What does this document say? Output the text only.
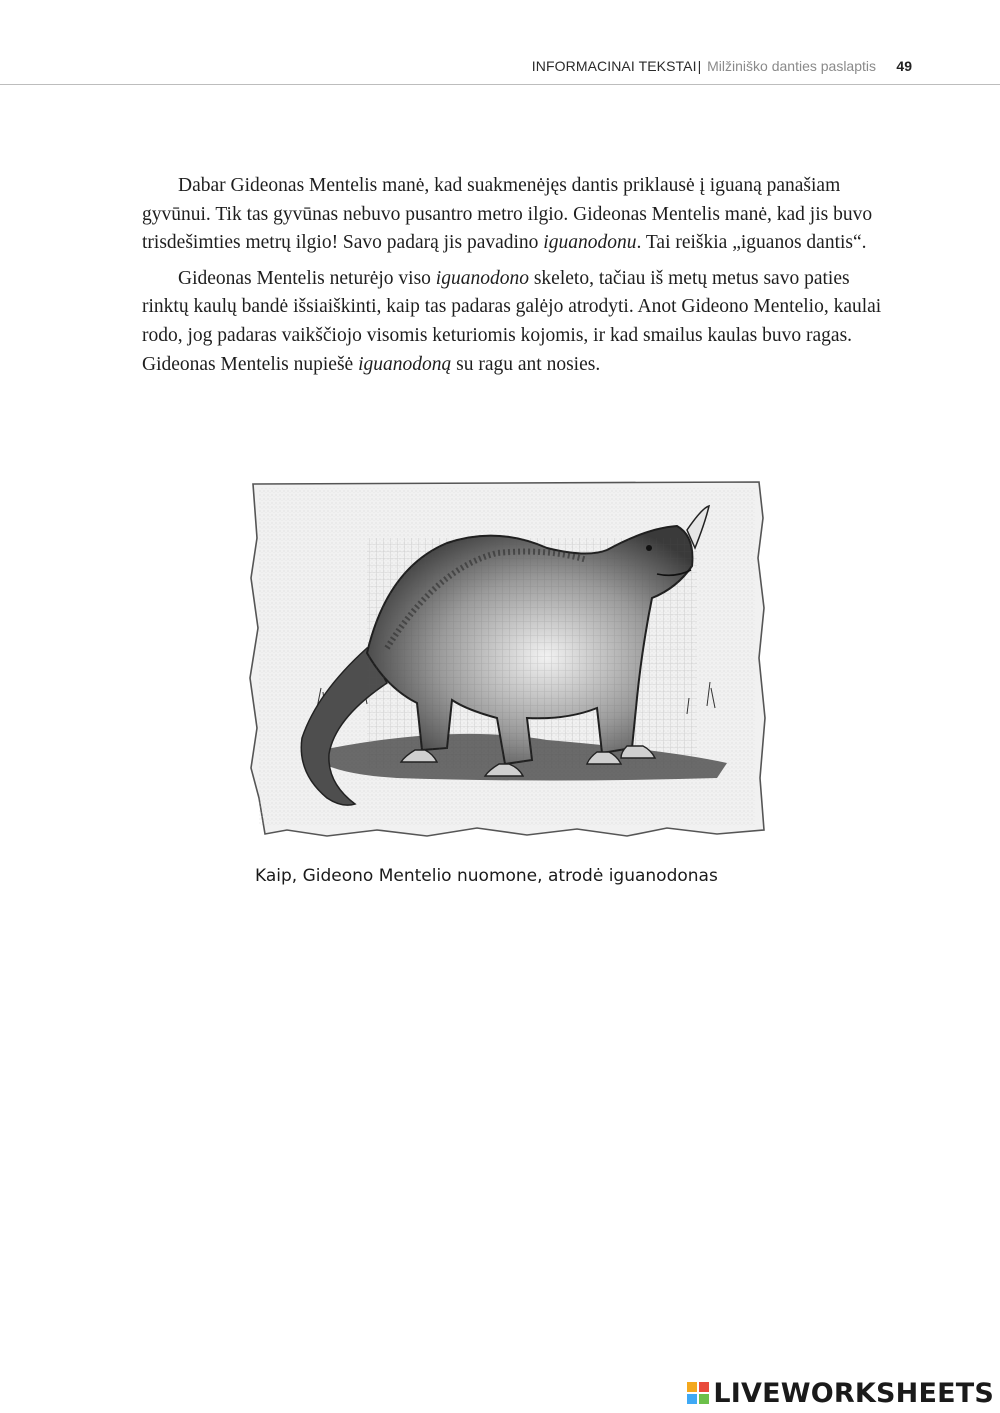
INFORMACINAI TEKSTAI| Milžiniško danties paslaptis 49

Dabar Gideonas Mentelis manė, kad suakmenėjęs dantis priklausė į iguaną panašiam gyvūnui. Tik tas gyvūnas nebuvo pusantro metro ilgio. Gideonas Mentelis manė, kad jis buvo trisdešimties metrų ilgio! Savo padarą jis pavadino iguanodonu. Tai reiškia „iguanos dantis“.

Gideonas Mentelis neturėjo viso iguanodono skeleto, tačiau iš metų metus savo paties rinktų kaulų bandė išsiaiškinti, kaip tas padaras galėjo atrodyti. Anot Gideono Mentelio, kaulai rodo, jog padaras vaikščiojo visomis keturiomis kojomis, ir kad smailus kaulas buvo ragas. Gideonas Mentelis nupiešė iguanodoną su ragu ant nosies.

Kaip, Gideono Mentelio nuomone, atrodė iguanodonas
LIVEWORKSHEETS
